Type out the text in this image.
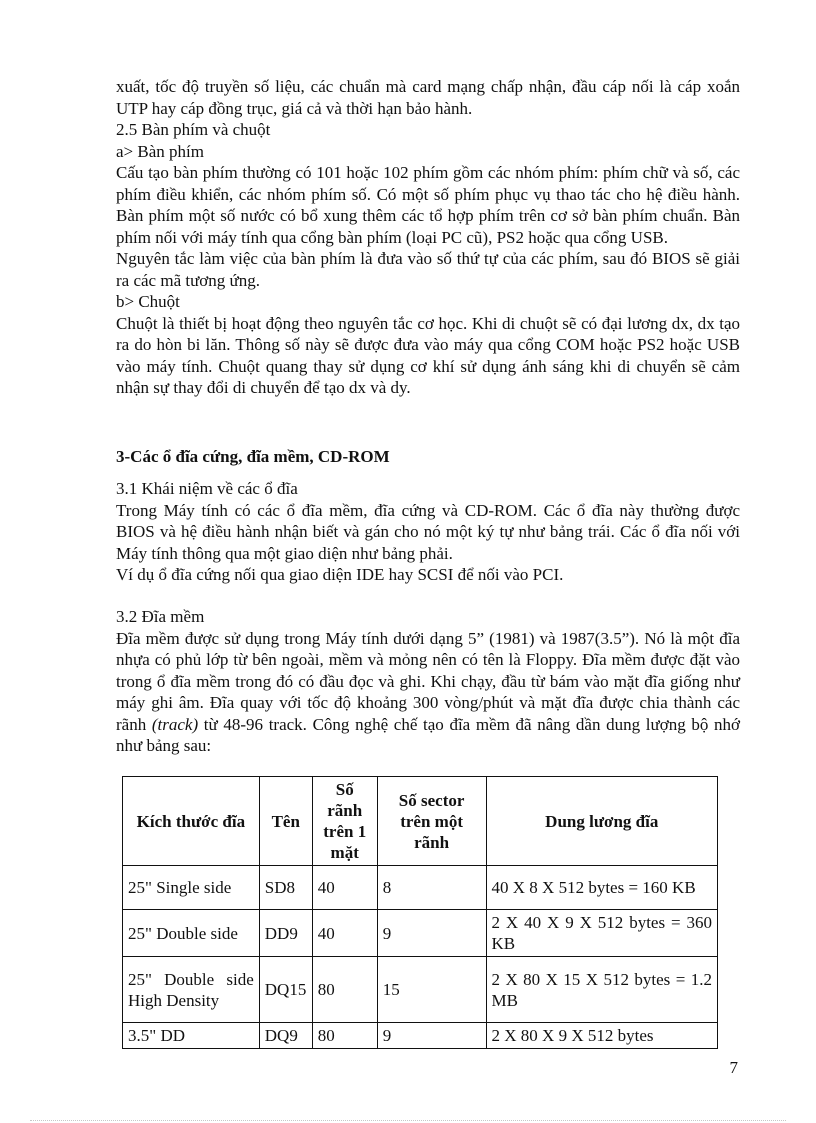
xuất, tốc độ truyền số liệu, các chuẩn mà card mạng chấp nhận, đầu cáp nối là cáp xoắn UTP hay cáp đồng trục, giá cả và thời hạn bảo hành.

2.5 Bàn phím và chuột

a> Bàn phím

Cấu tạo bàn phím thường có 101 hoặc 102 phím gồm các nhóm phím: phím chữ và số, các phím điều khiển, các nhóm phím số. Có một số phím phục vụ thao tác cho hệ điều hành. Bàn phím một số nước có bổ xung thêm các tổ hợp phím trên cơ sở bàn phím chuẩn. Bàn phím nối với máy tính qua cổng bàn phím (loại PC cũ), PS2 hoặc qua cổng USB.

Nguyên tắc làm việc của bàn phím là đưa vào số thứ tự của các phím, sau đó BIOS sẽ giải ra các mã tương ứng.

b> Chuột

Chuột là thiết bị hoạt động theo nguyên tắc cơ học. Khi di chuột sẽ có đại lương dx, dx tạo ra do hòn bi lăn. Thông số này sẽ được đưa vào máy qua cổng COM hoặc PS2 hoặc USB vào máy tính. Chuột quang thay sử dụng cơ khí sử dụng ánh sáng khi di chuyển sẽ cảm nhận sự thay đổi di chuyển để tạo dx và dy.

3-Các ổ đĩa cứng, đĩa mềm, CD-ROM

3.1 Khái niệm về các ổ đĩa

Trong Máy tính có các ổ đĩa mềm, đĩa cứng và CD-ROM. Các ổ đĩa này thường được BIOS và hệ điều hành nhận biết và gán cho nó một ký tự như bảng trái. Các ổ đĩa nối với Máy tính thông qua một giao diện như bảng phải.

Ví dụ ổ đĩa cứng nối qua giao diện IDE hay SCSI để nối vào PCI.

3.2 Đĩa mềm

Đĩa mềm được sử dụng trong Máy tính dưới dạng 5” (1981) và 1987(3.5”). Nó là một đĩa nhựa có phủ lớp từ bên ngoài, mềm và mỏng nên có tên là Floppy. Đĩa mềm được đặt vào trong ổ đĩa mềm trong đó có đầu đọc và ghi. Khi chạy, đầu từ bám vào mặt đĩa giống như máy ghi âm. Đĩa quay với tốc độ khoảng 300 vòng/phút và mặt đĩa được chia thành các rãnh (track) từ 48-96 track. Công nghệ chế tạo đĩa mềm đã nâng dần dung lượng bộ nhớ như bảng sau:

Kích thước đĩa	Tên	Số rãnh trên 1 mặt	Số sector trên một rãnh	Dung lương đĩa
25" Single side	SD8	40	8	40 X 8 X 512 bytes = 160 KB
25" Double side	DD9	40	9	2 X 40 X 9 X 512 bytes = 360 KB
25" Double side High Density	DQ15	80	15	2 X 80 X 15 X 512 bytes = 1.2 MB
3.5" DD	DQ9	80	9	2 X 80 X 9 X 512 bytes
7
